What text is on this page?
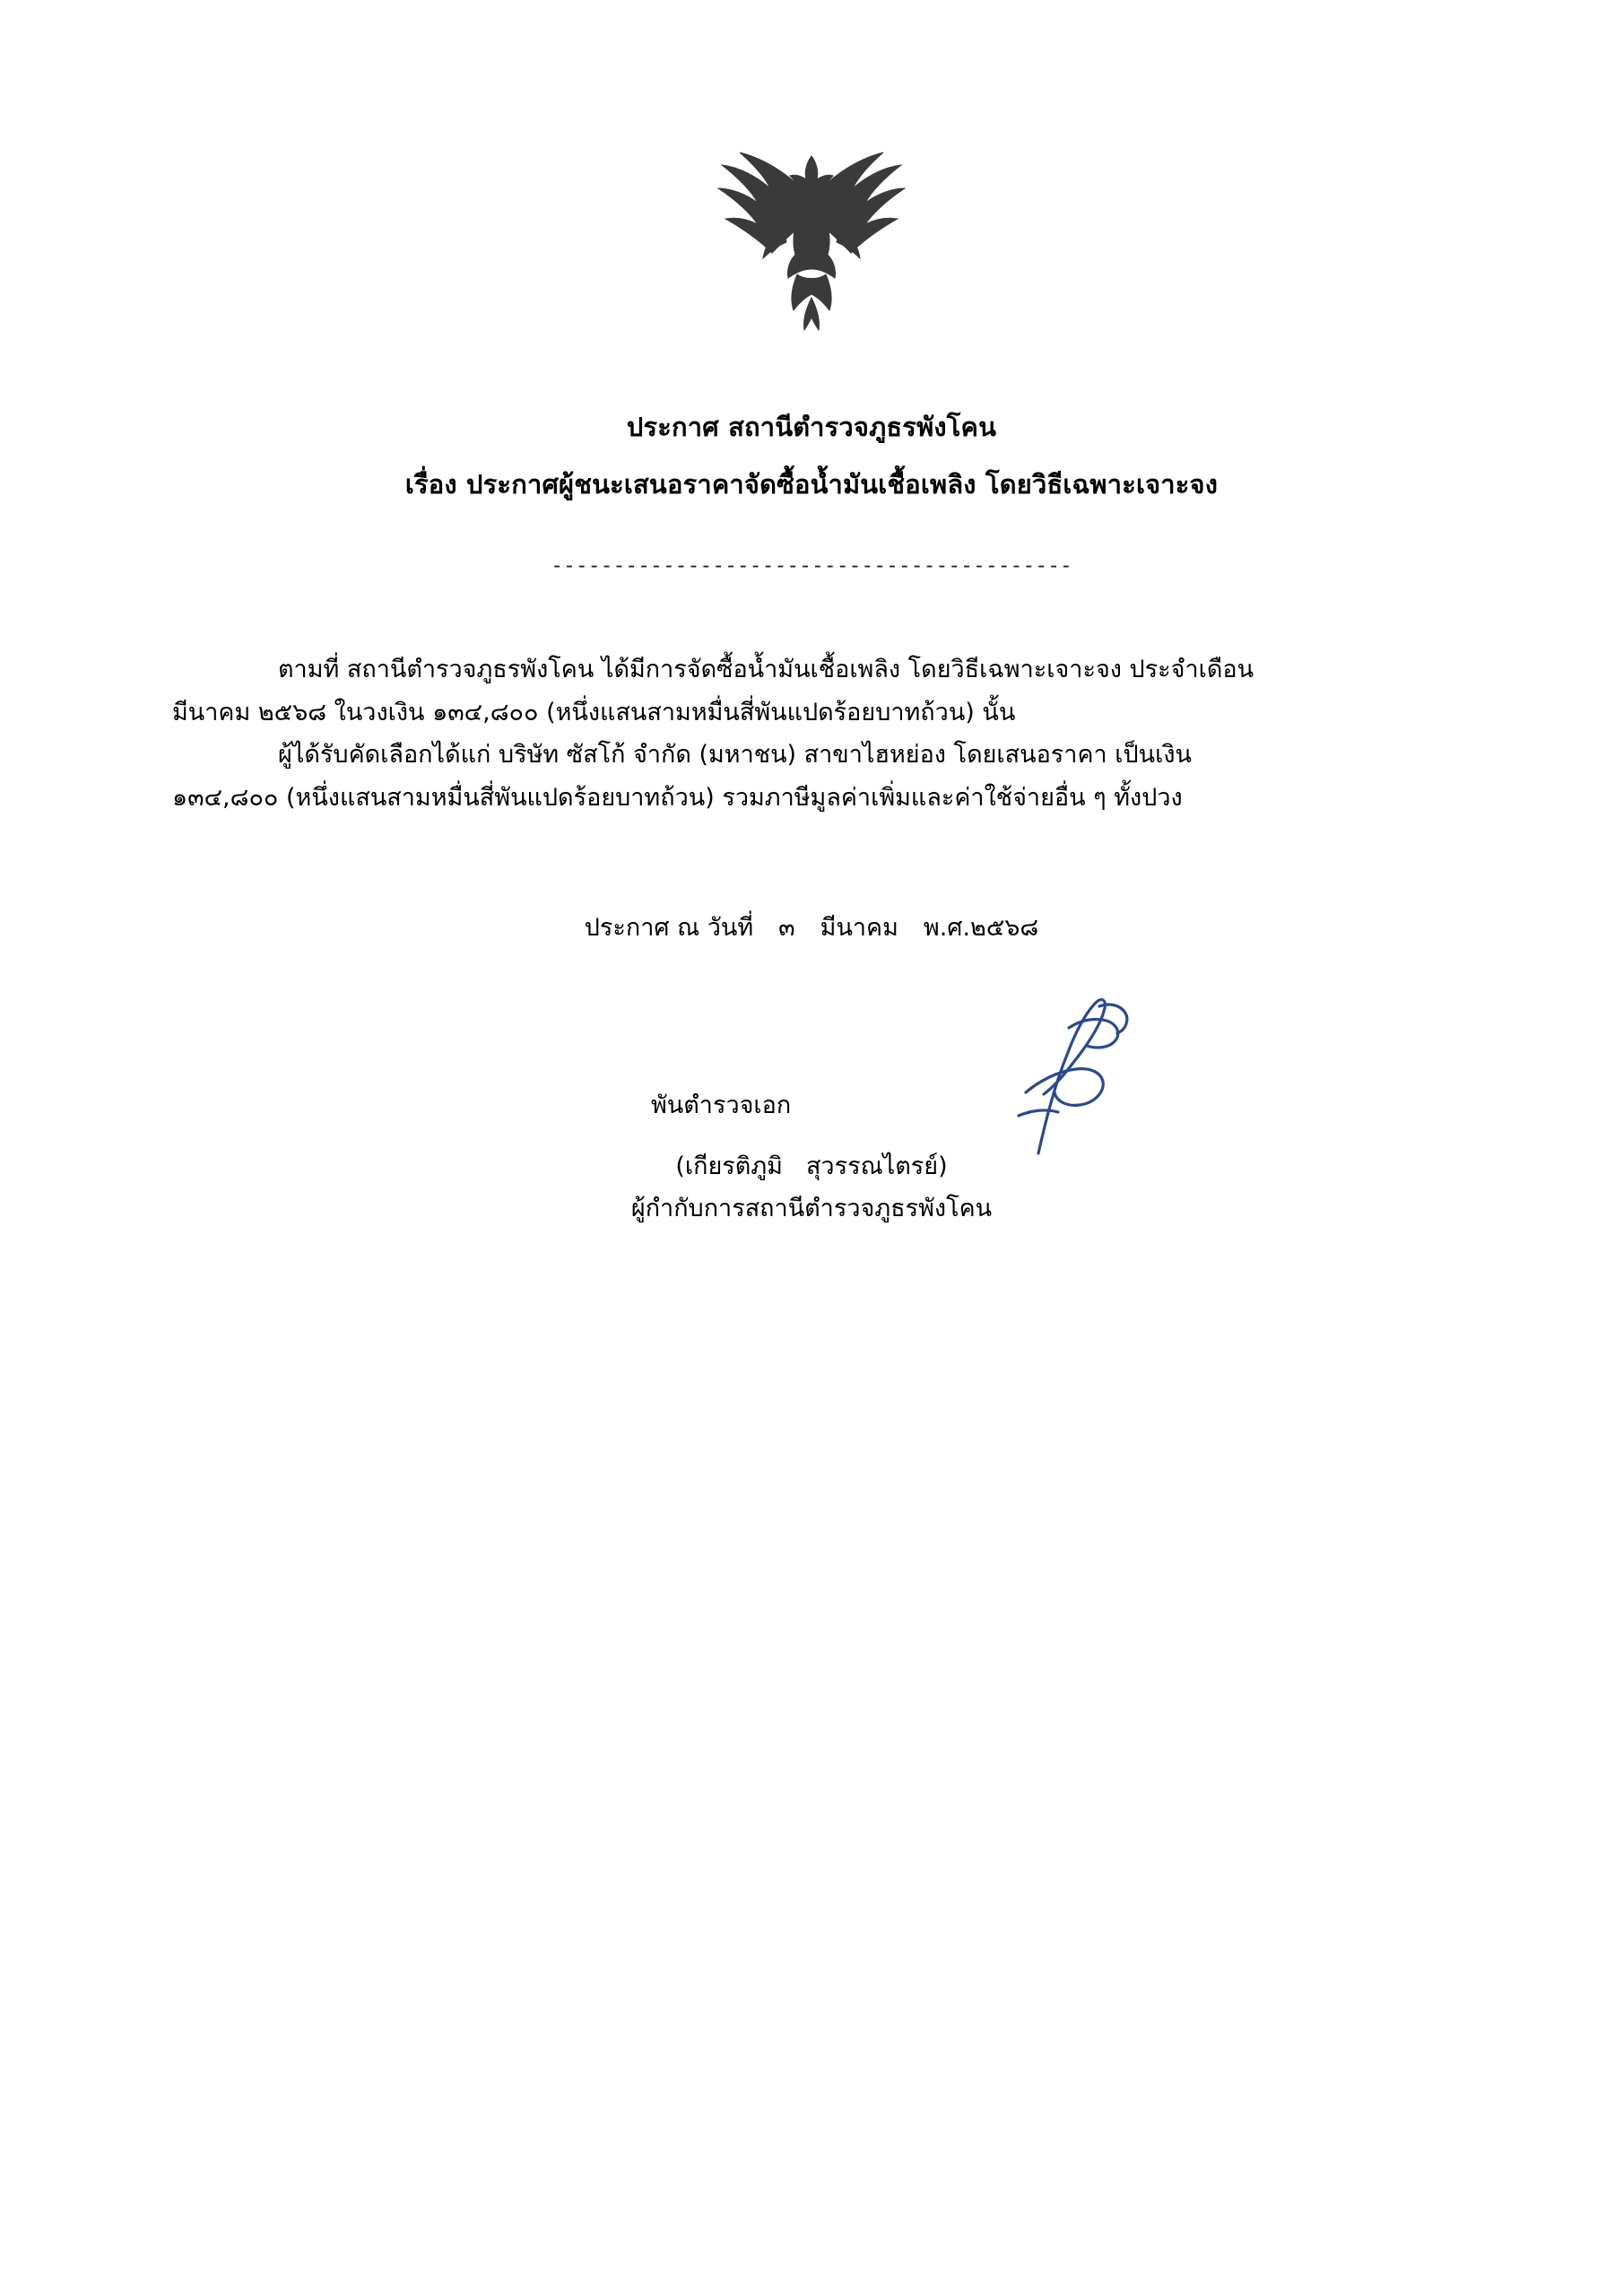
ประกาศ สถานีตำรวจภูธรพังโคน
เรื่อง ประกาศผู้ชนะเสนอราคาจัดซื้อน้ำมันเชื้อเพลิง โดยวิธีเฉพาะเจาะจง
------------------------------------------

ตามที่ สถานีตำรวจภูธรพังโคน ได้มีการจัดซื้อน้ำมันเชื้อเพลิง โดยวิธีเฉพาะเจาะจง ประจำเดือน

มีนาคม ๒๕๖๘ ในวงเงิน ๑๓๔,๘๐๐ (หนึ่งแสนสามหมื่นสี่พันแปดร้อยบาทถ้วน) นั้น

ผู้ได้รับคัดเลือกได้แก่ บริษัท ซัสโก้ จำกัด (มหาชน) สาขาไฮหย่อง โดยเสนอราคา เป็นเงิน

๑๓๔,๘๐๐ (หนึ่งแสนสามหมื่นสี่พันแปดร้อยบาทถ้วน) รวมภาษีมูลค่าเพิ่มและค่าใช้จ่ายอื่น ๆ ทั้งปวง

ประกาศ ณ วันที่ ๓ มีนาคม พ.ศ.๒๕๖๘
พันตำรวจเอก
(เกียรติภูมิ สุวรรณไตรย์)
ผู้กำกับการสถานีตำรวจภูธรพังโคน
